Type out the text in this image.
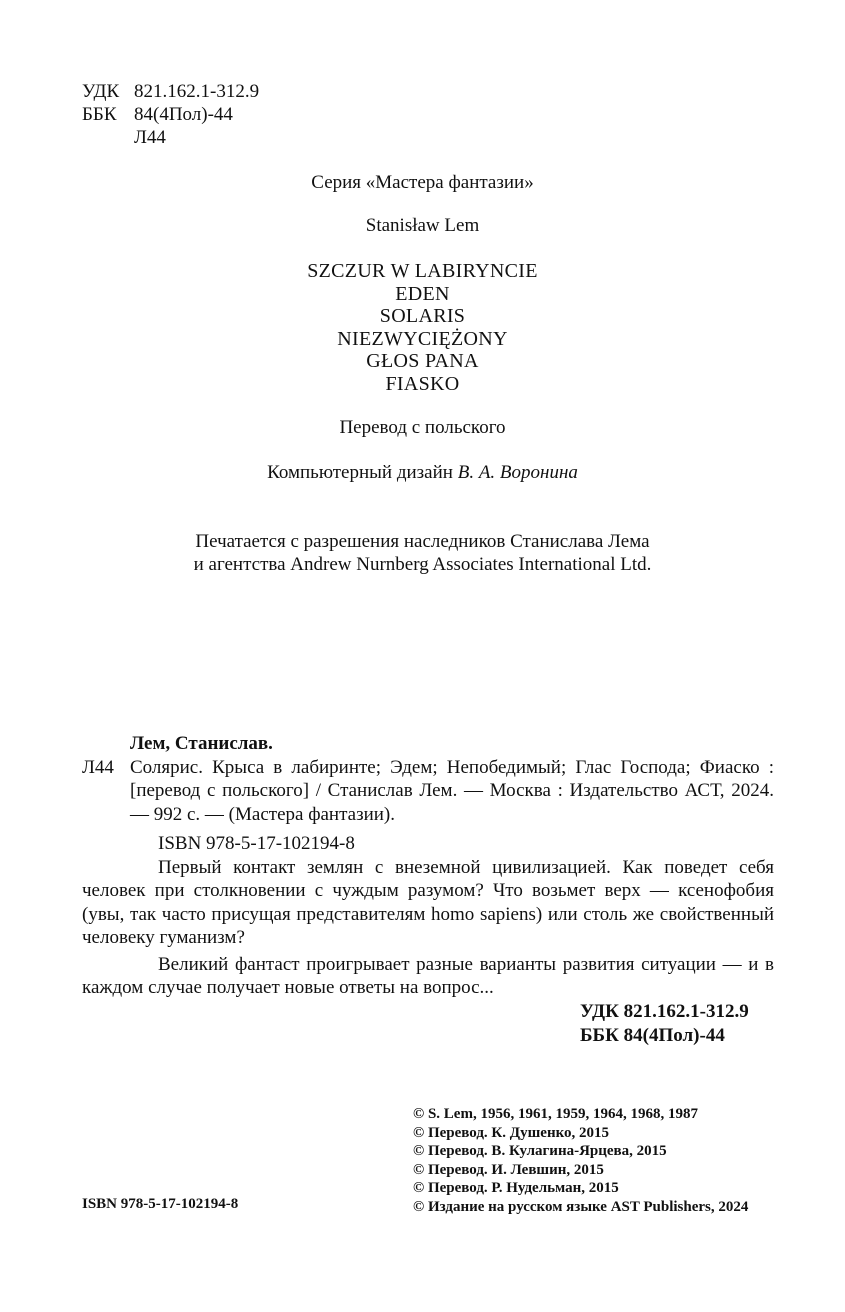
УДК 821.162.1-312.9
ББК 84(4Пол)-44
Л44
Серия «Мастера фантазии»
Stanisław Lem
SZCZUR W LABIRYNCIE
EDEN
SOLARIS
NIEZWYCIĘŻONY
GŁOS PANA
FIASKO
Перевод с польского
Компьютерный дизайн В. А. Воронина
Печатается с разрешения наследников Станислава Лема
и агентства Andrew Nurnberg Associates International Ltd.
Лем, Станислав.
Л44 Солярис. Крыса в лабиринте; Эдем; Непобедимый; Глас Господа; Фиаско : [перевод с польского] / Станислав Лем. — Москва : Издательство АСТ, 2024. — 992 с. — (Мастера фантазии).
ISBN 978-5-17-102194-8

Первый контакт землян с внеземной цивилизацией. Как поведет себя человек при столкновении с чуждым разумом? Что возьмет верх — ксенофобия (увы, так часто присущая представителям homo sapiens) или столь же свойственный человеку гуманизм?

Великий фантаст проигрывает разные варианты развития ситуации — и в каждом случае получает новые ответы на вопрос...

УДК 821.162.1-312.9
ББК 84(4Пол)-44
© S. Lem, 1956, 1961, 1959, 1964, 1968, 1987
© Перевод. К. Душенко, 2015
© Перевод. В. Кулагина-Ярцева, 2015
© Перевод. И. Левшин, 2015
© Перевод. Р. Нудельман, 2015
© Издание на русском языке AST Publishers, 2024
ISBN 978-5-17-102194-8
